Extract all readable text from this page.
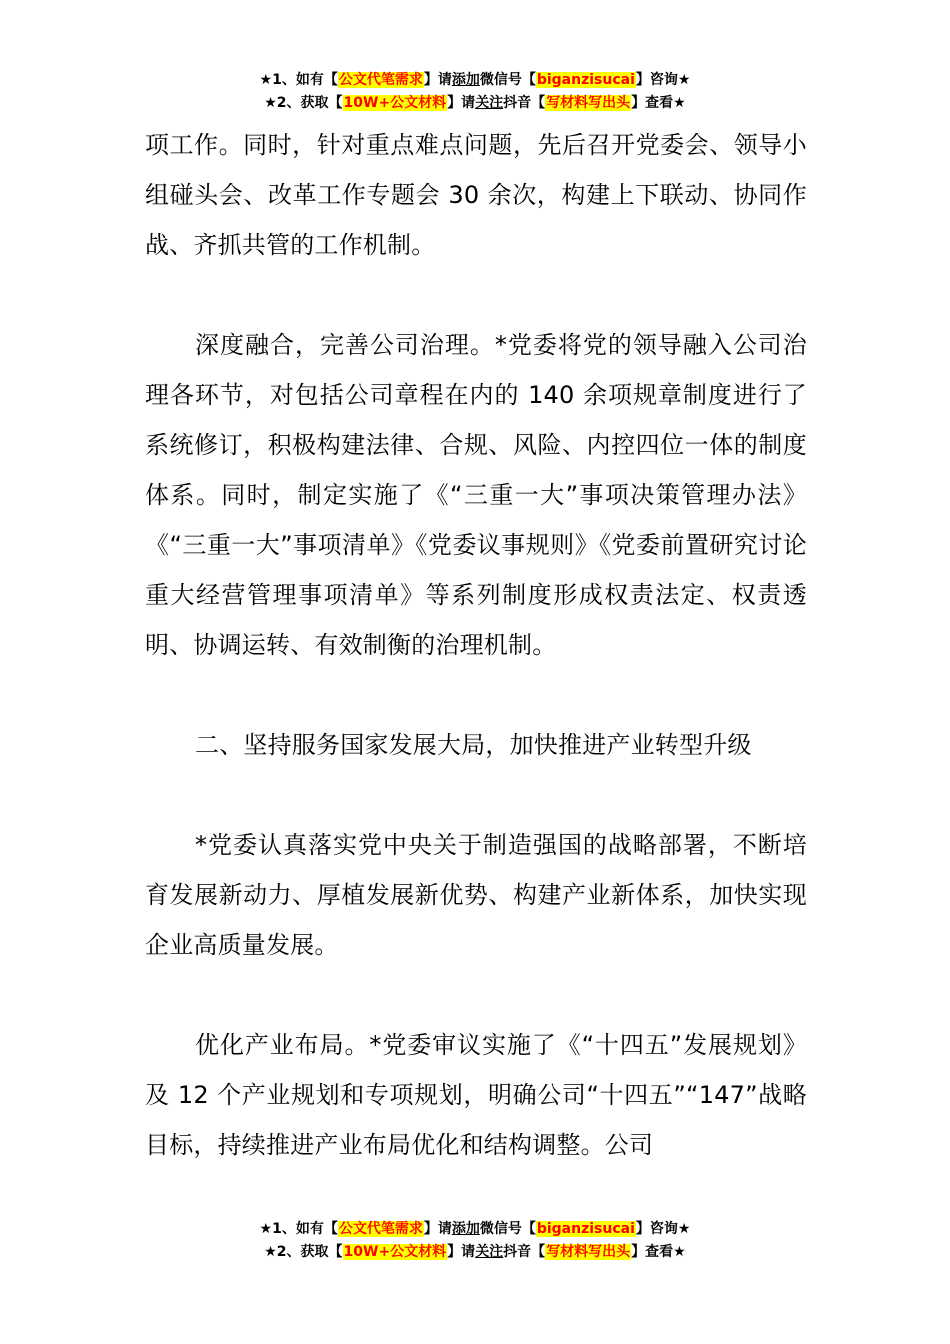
★1、如有【公文代笔需求】请添加微信号【biganzisucai】咨询★
★2、获取【10W+公文材料】请关注抖音【写材料写出头】查看★

项工作。同时，针对重点难点问题，先后召开党委会、领导小组碰头会、改革工作专题会 30 余次，构建上下联动、协同作战、齐抓共管的工作机制。

深度融合，完善公司治理。*党委将党的领导融入公司治理各环节，对包括公司章程在内的 140 余项规章制度进行了系统修订，积极构建法律、合规、风险、内控四位一体的制度体系。同时，制定实施了《“三重一大”事项决策管理办法》《“三重一大”事项清单》《党委议事规则》《党委前置研究讨论重大经营管理事项清单》等系列制度形成权责法定、权责透明、协调运转、有效制衡的治理机制。

二、坚持服务国家发展大局，加快推进产业转型升级

*党委认真落实党中央关于制造强国的战略部署，不断培育发展新动力、厚植发展新优势、构建产业新体系，加快实现企业高质量发展。

优化产业布局。*党委审议实施了《“十四五”发展规划》及 12 个产业规划和专项规划，明确公司“十四五”“147”战略目标，持续推进产业布局优化和结构调整。公司

★1、如有【公文代笔需求】请添加微信号【biganzisucai】咨询★
★2、获取【10W+公文材料】请关注抖音【写材料写出头】查看★
